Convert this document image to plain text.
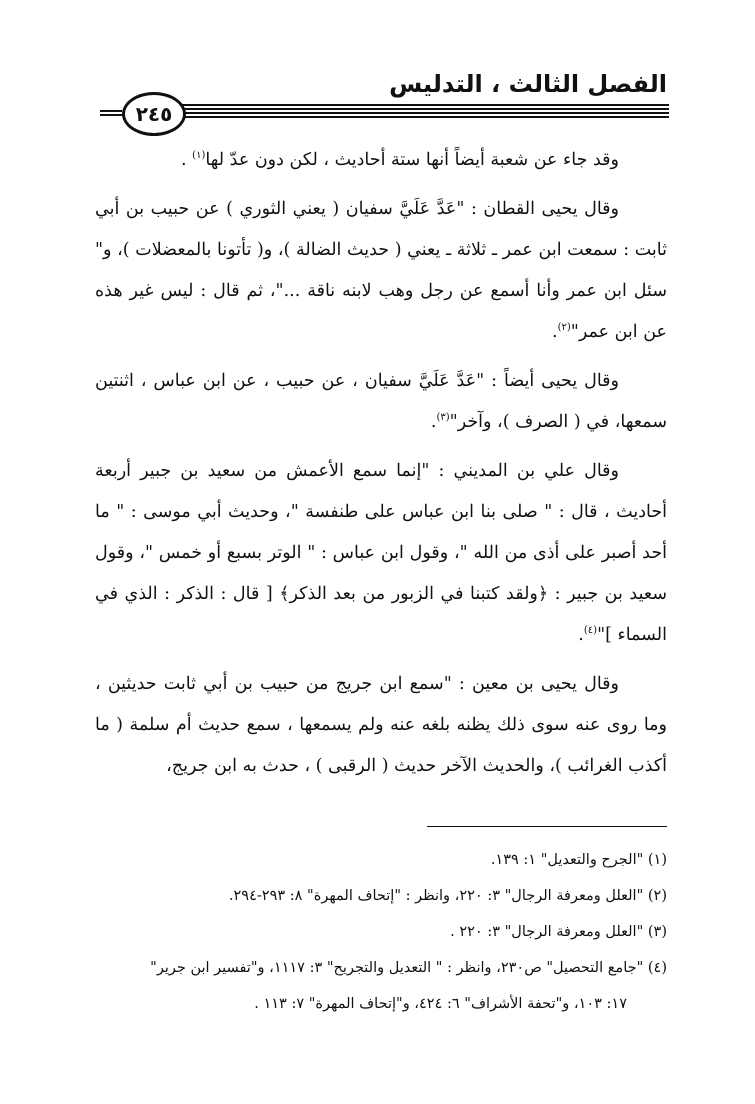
الفصل الثالث ، التدليس
٢٤٥

وقد جاء عن شعبة أيضاً أنها ستة أحاديث ، لكن دون عدّ لها$^{(١)}$ .

وقال يحيى القطان : "عَدَّ عَلَيَّ سفيان ( يعني الثوري ) عن حبيب بن أبي ثابت : سمعت ابن عمر ـ ثلاثة ـ يعني ( حديث الضالة )، و( تأتونا بالمعضلات )، و" سئل ابن عمر وأنا أسمع عن رجل وهب لابنه ناقة ..."، ثم قال : ليس غير هذه عن ابن عمر"$^{(٢)}$.

وقال يحيى أيضاً : "عَدَّ عَلَيَّ سفيان ، عن حبيب ، عن ابن عباس ، اثنتين سمعها، في ( الصرف )، وآخر"$^{(٣)}$.

وقال علي بن المديني : "إنما سمع الأعمش من سعيد بن جبير أربعة أحاديث ، قال : " صلى بنا ابن عباس على طنفسة "، وحديث أبي موسى : " ما أحد أصبر على أذى من الله "، وقول ابن عباس : " الوتر بسبع أو خمس "، وقول سعيد بن جبير : ﴿ولقد كتبنا في الزبور من بعد الذكر﴾ [ قال : الذكر : الذي في السماء ]"$^{(٤)}$.

وقال يحيى بن معين : "سمع ابن جريج من حبيب بن أبي ثابت حديثين ، وما روى عنه سوى ذلك يظنه بلغه عنه ولم يسمعها ، سمع حديث أم سلمة ( ما أكذب الغرائب )، والحديث الآخر حديث ( الرقبى ) ، حدث به ابن جريج،

(١) "الجرح والتعديل" ١: ١٣٩.

(٢) "العلل ومعرفة الرجال" ٣: ٢٢٠، وانظر : "إتحاف المهرة" ٨: ٢٩٣-٢٩٤.

(٣) "العلل ومعرفة الرجال" ٣: ٢٢٠ .

(٤) "جامع التحصيل" ص٢٣٠، وانظر : " التعديل والتجريح" ٣: ١١١٧، و"تفسير ابن جرير"

١٧: ١٠٣، و"تحفة الأشراف" ٦: ٤٢٤، و"إتحاف المهرة" ٧: ١١٣ .
